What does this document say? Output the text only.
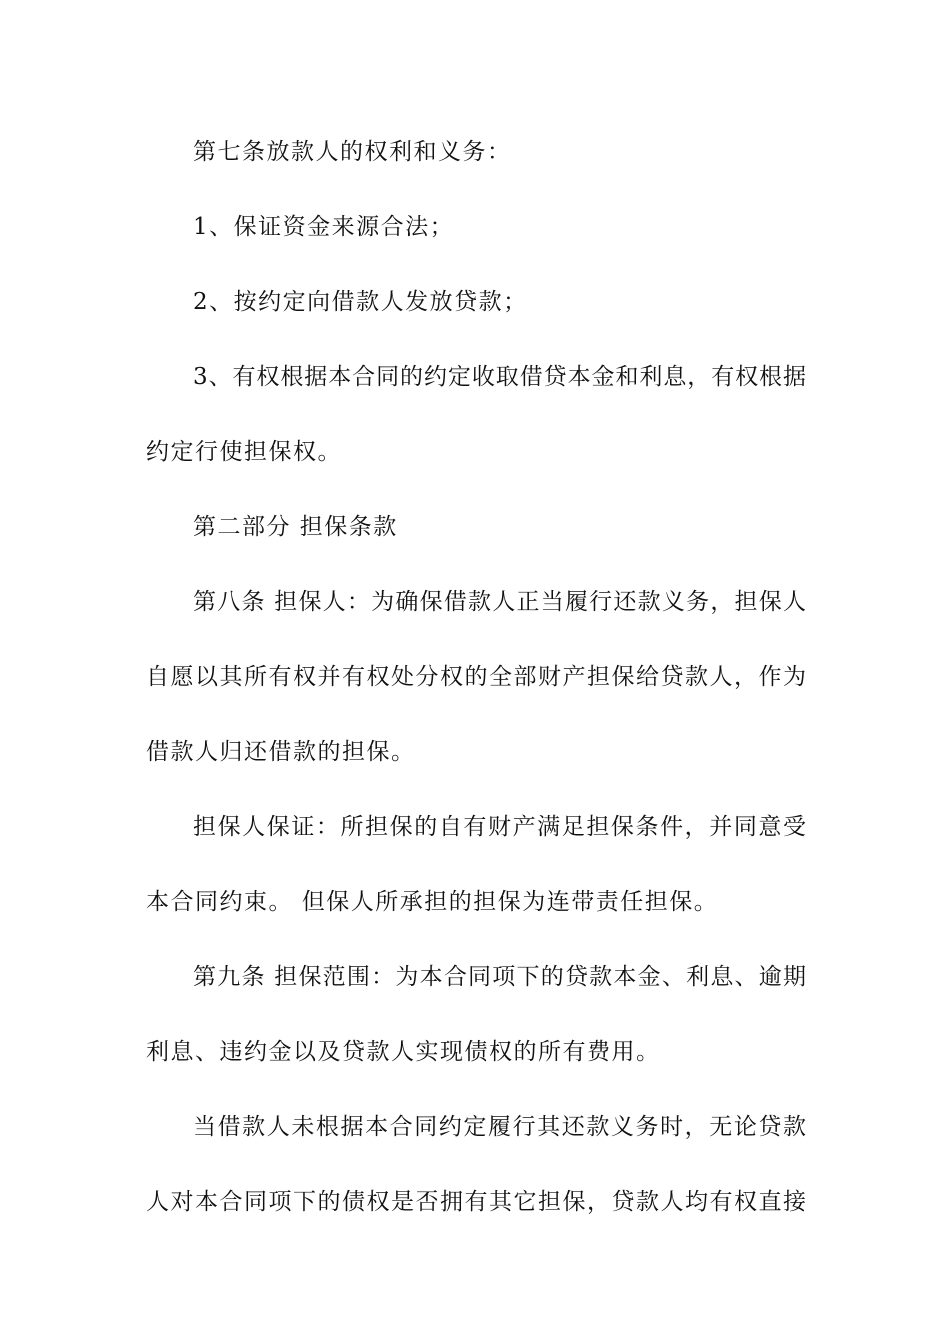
第七条放款人的权利和义务：
1、保证资金来源合法；
2、按约定向借款人发放贷款；
3、有权根据本合同的约定收取借贷本金和利息，有权根据
约定行使担保权。
第二部分 担保条款
第八条 担保人：为确保借款人正当履行还款义务，担保人
自愿以其所有权并有权处分权的全部财产担保给贷款人，作为
借款人归还借款的担保。
担保人保证：所担保的自有财产满足担保条件，并同意受
本合同约束。 但保人所承担的担保为连带责任担保。
第九条 担保范围：为本合同项下的贷款本金、利息、逾期
利息、违约金以及贷款人实现债权的所有费用。
当借款人未根据本合同约定履行其还款义务时，无论贷款
人对本合同项下的债权是否拥有其它担保，贷款人均有权直接
